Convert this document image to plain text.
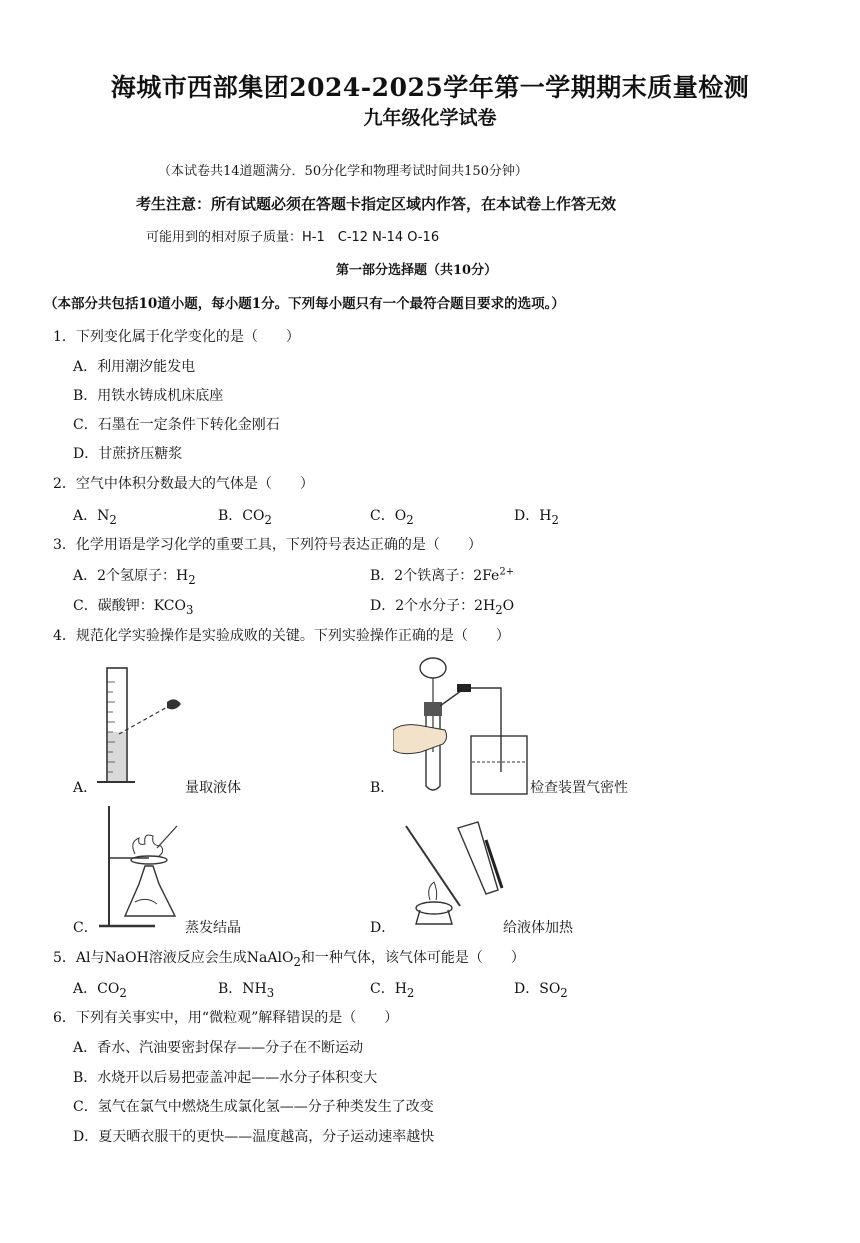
海城市西部集团2024-2025学年第一学期期末质量检测
九年级化学试卷
（本试卷共14道题满分．50分化学和物理考试时间共150分钟）
考生注意：所有试题必须在答题卡指定区域内作答，在本试卷上作答无效
可能用到的相对原子质量：H-1　C-12 N-14 O-16
第一部分选择题（共10分）
（本部分共包括10道小题，每小题1分。下列每小题只有一个最符合题目要求的选项。）
1．下列变化属于化学变化的是（　　）
A．利用潮汐能发电
B．用铁水铸成机床底座
C．石墨在一定条件下转化金刚石
D．甘蔗挤压糖浆
2．空气中体积分数最大的气体是（　　）
A．$N_2$	B．$CO_2$	C．$O_2$	D．$H_2$
3．化学用语是学习化学的重要工具，下列符号表达正确的是（　　）
A．2个氢原子：$H_2$	B．2个铁离子：$2Fe^{2+}$
C．碳酸钾：$KCO_3$	D．2个水分子：$2H_2O$
4．规范化学实验操作是实验成败的关键。下列实验操作正确的是（　　）
A．	量取液体	B．	检查装置气密性
C．	蒸发结晶	D．	给液体加热
5．Al与NaOH溶液反应会生成NaAlO$_2$和一种气体，该气体可能是（　　）
A．$CO_2$	B．$NH_3$	C．$H_2$	D．$SO_2$
6．下列有关事实中，用“微粒观”解释错误的是（　　）
A．香水、汽油要密封保存——分子在不断运动
B．水烧开以后易把壶盖冲起——水分子体积变大
C．氢气在氯气中燃烧生成氯化氢——分子种类发生了改变
D．夏天晒衣服干的更快——温度越高，分子运动速率越快
